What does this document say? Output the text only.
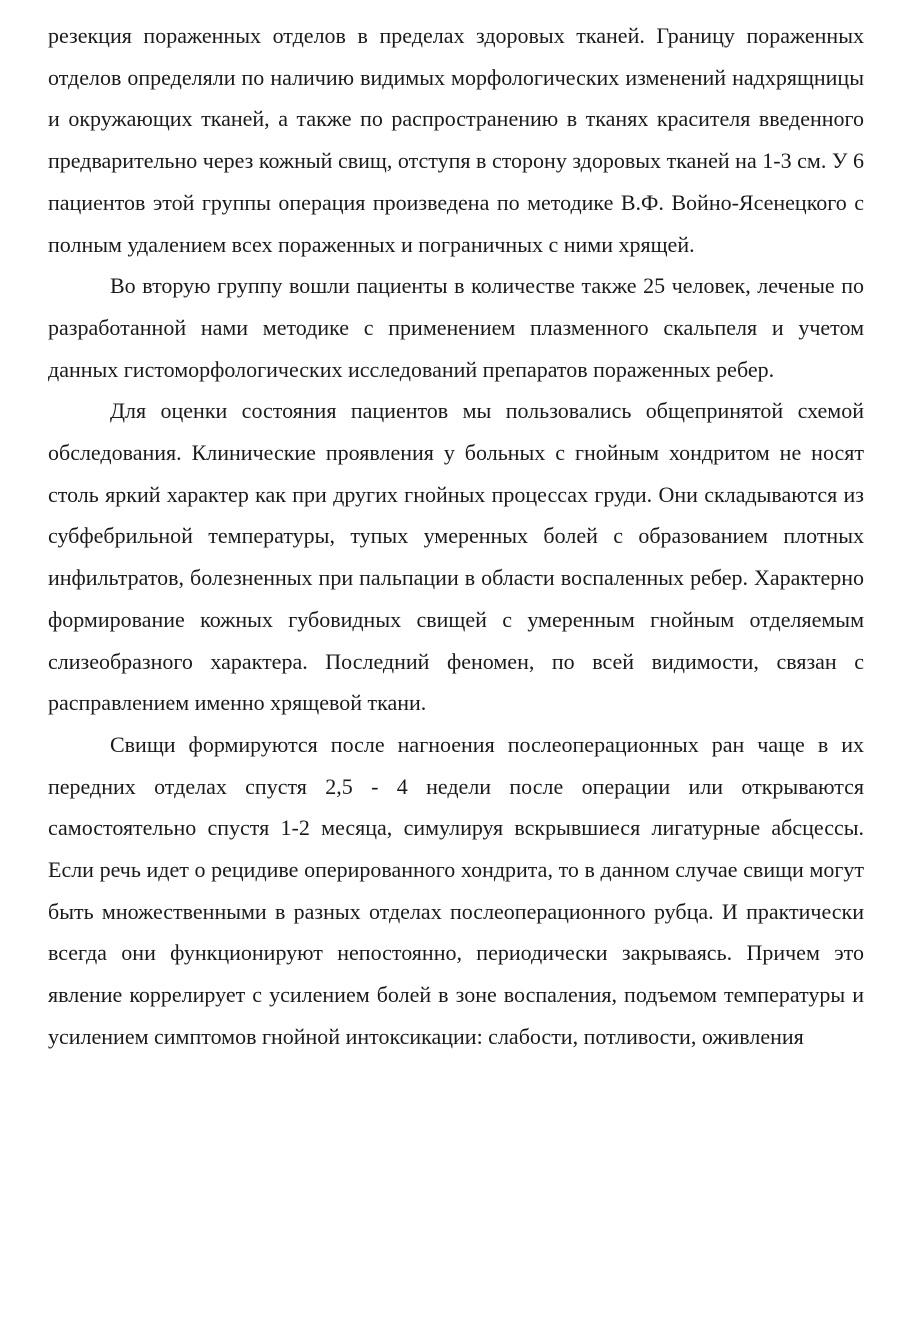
резекция пораженных отделов в пределах здоровых тканей. Границу пораженных отделов определяли по наличию видимых морфологических изменений надхрящницы и окружающих тканей, а также по распространению в тканях красителя введенного предварительно через кожный свищ, отступя в сторону здоровых тканей на 1-3 см. У 6 пациентов этой группы операция произведена по методике В.Ф. Войно-Ясенецкого с полным удалением всех пораженных и пограничных с ними хрящей.

Во вторую группу вошли пациенты в количестве также 25 человек, леченые по разработанной нами методике с применением плазменного скальпеля и учетом данных гистоморфологических исследований препаратов пораженных ребер.

Для оценки состояния пациентов мы пользовались общепринятой схемой обследования. Клинические проявления у больных с гнойным хондритом не носят столь яркий характер как при других гнойных процессах груди. Они складываются из субфебрильной температуры, тупых умеренных болей с образованием плотных инфильтратов, болезненных при пальпации в области воспаленных ребер. Характерно формирование кожных губовидных свищей с умеренным гнойным отделяемым слизеобразного характера. Последний феномен, по всей видимости, связан с расправлением именно хрящевой ткани.

Свищи формируются после нагноения послеоперационных ран чаще в их передних отделах спустя 2,5 - 4 недели после операции или открываются самостоятельно спустя 1-2 месяца, симулируя вскрывшиеся лигатурные абсцессы. Если речь идет о рецидиве оперированного хондрита, то в данном случае свищи могут быть множественными в разных отделах послеоперационного рубца. И практически всегда они функционируют непостоянно, периодически закрываясь. Причем это явление коррелирует с усилением болей в зоне воспаления, подъемом температуры и усилением симптомов гнойной интоксикации: слабости, потливости, оживления
